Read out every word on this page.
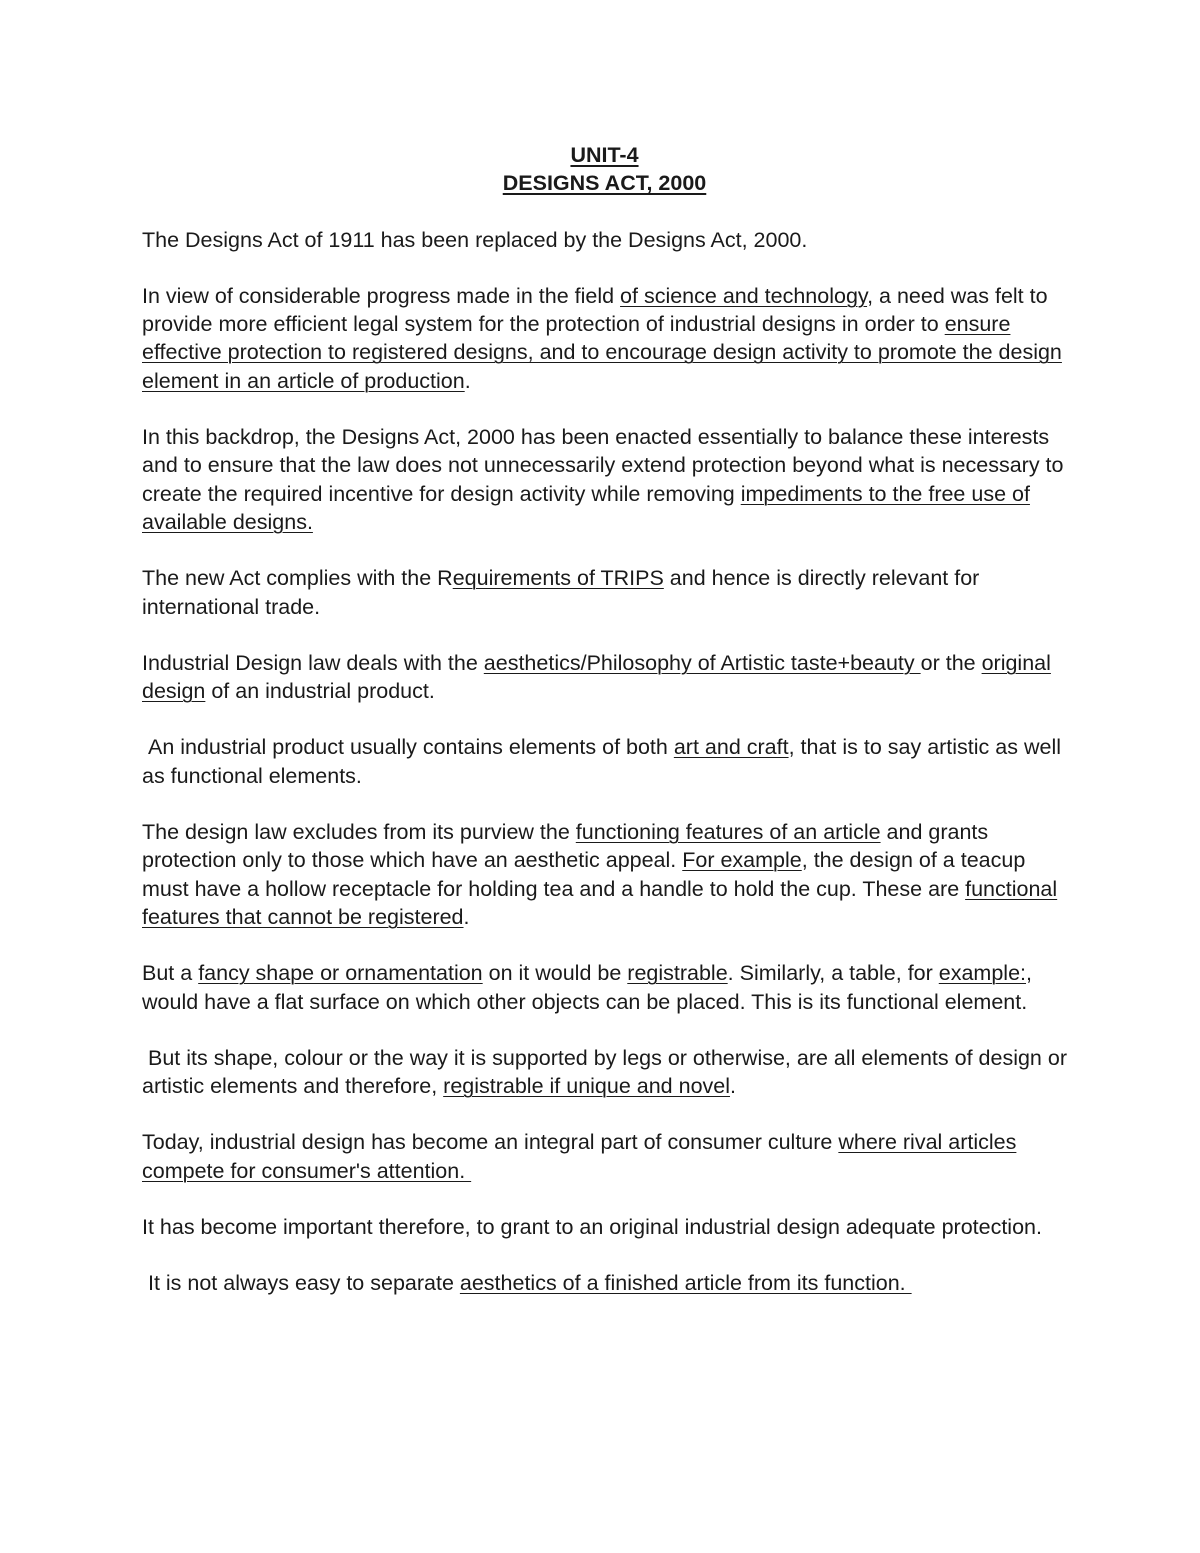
UNIT-4
DESIGNS ACT, 2000

The Designs Act of 1911 has been replaced by the Designs Act, 2000.

In view of considerable progress made in the field of science and technology, a need was felt to provide more efficient legal system for the protection of industrial designs in order to ensure effective protection to registered designs, and to encourage design activity to promote the design element in an article of production.

In this backdrop, the Designs Act, 2000 has been enacted essentially to balance these interests and to ensure that the law does not unnecessarily extend protection beyond what is necessary to create the required incentive for design activity while removing impediments to the free use of available designs.

The new Act complies with the Requirements of TRIPS and hence is directly relevant for international trade.

Industrial Design law deals with the aesthetics/Philosophy of Artistic taste+beauty or the original design of an industrial product.

An industrial product usually contains elements of both art and craft, that is to say artistic as well as functional elements.

The design law excludes from its purview the functioning features of an article and grants protection only to those which have an aesthetic appeal. For example, the design of a teacup must have a hollow receptacle for holding tea and a handle to hold the cup. These are functional features that cannot be registered.

But a fancy shape or ornamentation on it would be registrable. Similarly, a table, for example:, would have a flat surface on which other objects can be placed. This is its functional element.

But its shape, colour or the way it is supported by legs or otherwise, are all elements of design or artistic elements and therefore, registrable if unique and novel.

Today, industrial design has become an integral part of consumer culture where rival articles compete for consumer's attention.

It has become important therefore, to grant to an original industrial design adequate protection.

It is not always easy to separate aesthetics of a finished article from its function.
